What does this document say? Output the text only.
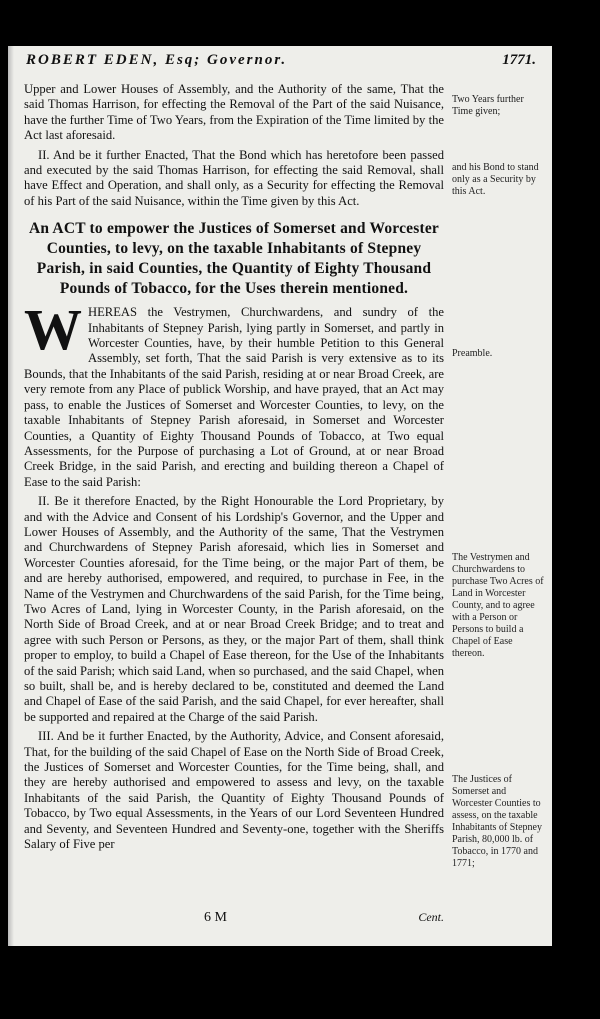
ROBERT EDEN, Esq; Governor.	1771.

Upper and Lower Houses of Assembly, and the Authority of the same, That the said Thomas Harrison, for effecting the Removal of the Part of the said Nuisance, have the further Time of Two Years, from the Expiration of the Time limited by the Act last aforesaid.

II. And be it further Enacted, That the Bond which has heretofore been passed and executed by the said Thomas Harrison, for effecting the said Removal, shall have Effect and Operation, and shall only, as a Security for effecting the Removal of his Part of the said Nuisance, within the Time given by this Act.

An ACT to empower the Justices of Somerset and Worcester Counties, to levy, on the taxable Inhabitants of Stepney Parish, in said Counties, the Quantity of Eighty Thousand Pounds of Tobacco, for the Uses therein mentioned.

WHEREAS the Vestrymen, Churchwardens, and sundry of the Inhabitants of Stepney Parish, lying partly in Somerset, and partly in Worcester Counties, have, by their humble Petition to this General Assembly, set forth, That the said Parish is very extensive as to its Bounds, that the Inhabitants of the said Parish, residing at or near Broad Creek, are very remote from any Place of publick Worship, and have prayed, that an Act may pass, to enable the Justices of Somerset and Worcester Counties, to levy, on the taxable Inhabitants of Stepney Parish aforesaid, in Somerset and Worcester Counties, a Quantity of Eighty Thousand Pounds of Tobacco, at Two equal Assessments, for the Purpose of purchasing a Lot of Ground, at or near Broad Creek Bridge, in the said Parish, and erecting and building thereon a Chapel of Ease to the said Parish:

II. Be it therefore Enacted, by the Right Honourable the Lord Proprietary, by and with the Advice and Consent of his Lordship's Governor, and the Upper and Lower Houses of Assembly, and the Authority of the same, That the Vestrymen and Churchwardens of Stepney Parish aforesaid, which lies in Somerset and Worcester Counties aforesaid, for the Time being, or the major Part of them, be and are hereby authorised, empowered, and required, to purchase in Fee, in the Name of the Vestrymen and Churchwardens of the said Parish, for the Time being, Two Acres of Land, lying in Worcester County, in the Parish aforesaid, on the North Side of Broad Creek, and at or near Broad Creek Bridge; and to treat and agree with such Person or Persons, as they, or the major Part of them, shall think proper to employ, to build a Chapel of Ease thereon, for the Use of the Inhabitants of the said Parish; which said Land, when so purchased, and the said Chapel, when so built, shall be, and is hereby declared to be, constituted and deemed the Land and Chapel of Ease of the said Parish, and the said Chapel, for ever hereafter, shall be supported and repaired at the Charge of the said Parish.

III. And be it further Enacted, by the Authority, Advice, and Consent aforesaid, That, for the building of the said Chapel of Ease on the North Side of Broad Creek, the Justices of Somerset and Worcester Counties, for the Time being, shall, and they are hereby authorised and empowered to assess and levy, on the taxable Inhabitants of the said Parish, the Quantity of Eighty Thousand Pounds of Tobacco, by Two equal Assessments, in the Years of our Lord Seventeen Hundred and Seventy, and Seventeen Hundred and Seventy-one, together with the Sheriffs Salary of Five per

Two Years further Time given;
and his Bond to stand only as a Security by this Act.
Preamble.
The Vestrymen and Churchwardens to purchase Two Acres of Land in Worcester County, and to agree with a Person or Persons to build a Chapel of Ease thereon.
The Justices of Somerset and Worcester Counties to assess, on the taxable Inhabitants of Stepney Parish, 80,000 lb. of Tobacco, in 1770 and 1771;
6 M	Cent.
